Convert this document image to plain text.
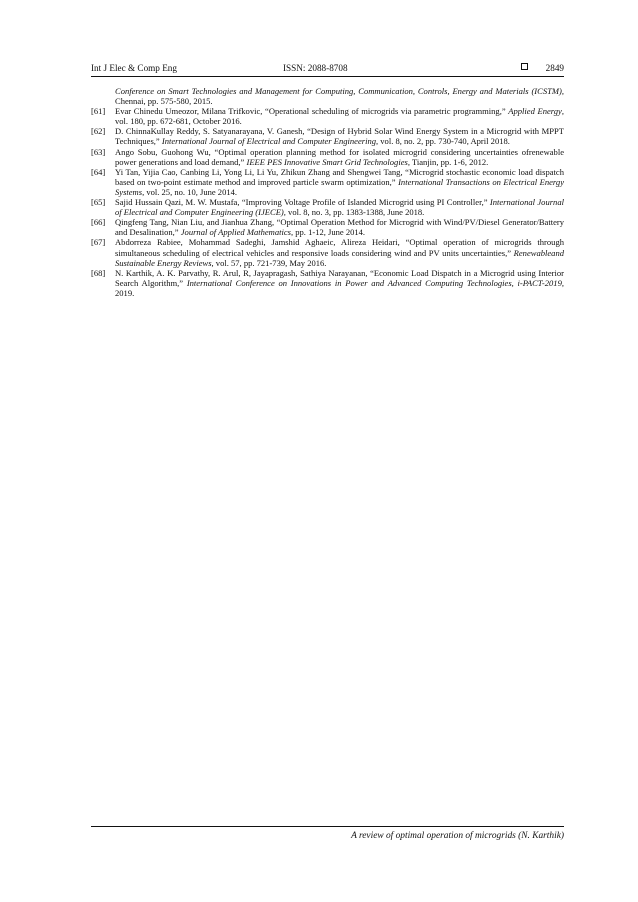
Int J Elec & Comp Eng	ISSN: 2088-8708	2849
Conference on Smart Technologies and Management for Computing, Communication, Controls, Energy and Materials (ICSTM), Chennai, pp. 575-580, 2015.
[61] Evar Chinedu Umeozor, Milana Trifkovic, “Operational scheduling of microgrids via parametric programming,” Applied Energy, vol. 180, pp. 672-681, October 2016.
[62] D. ChinnaKullay Reddy, S. Satyanarayana, V. Ganesh, “Design of Hybrid Solar Wind Energy System in a Microgrid with MPPT Techniques,” International Journal of Electrical and Computer Engineering, vol. 8, no. 2, pp. 730-740, April 2018.
[63] Ango Sobu, Guohong Wu, “Optimal operation planning method for isolated microgrid considering uncertainties ofrenewable power generations and load demand,” IEEE PES Innovative Smart Grid Technologies, Tianjin, pp. 1-6, 2012.
[64] Yi Tan, Yijia Cao, Canbing Li, Yong Li, Li Yu, Zhikun Zhang and Shengwei Tang, “Microgrid stochastic economic load dispatch based on two-point estimate method and improved particle swarm optimization,” International Transactions on Electrical Energy Systems, vol. 25, no. 10, June 2014.
[65] Sajid Hussain Qazi, M. W. Mustafa, “Improving Voltage Profile of Islanded Microgrid using PI Controller,” International Journal of Electrical and Computer Engineering (IJECE), vol. 8, no. 3, pp. 1383-1388, June 2018.
[66] Qingfeng Tang, Nian Liu, and Jianhua Zhang, “Optimal Operation Method for Microgrid with Wind/PV/Diesel Generator/Battery and Desalination,” Journal of Applied Mathematics, pp. 1-12, June 2014.
[67] Abdorreza Rabiee, Mohammad Sadeghi, Jamshid Aghaeic, Alireza Heidari, “Optimal operation of microgrids through simultaneous scheduling of electrical vehicles and responsive loads considering wind and PV units uncertainties,” Renewableand Sustainable Energy Reviews, vol. 57, pp. 721-739, May 2016.
[68] N. Karthik, A. K. Parvathy, R. Arul, R, Jayapragash, Sathiya Narayanan, “Economic Load Dispatch in a Microgrid using Interior Search Algorithm,” International Conference on Innovations in Power and Advanced Computing Technologies, i-PACT-2019, 2019.
A review of optimal operation of microgrids (N. Karthik)
